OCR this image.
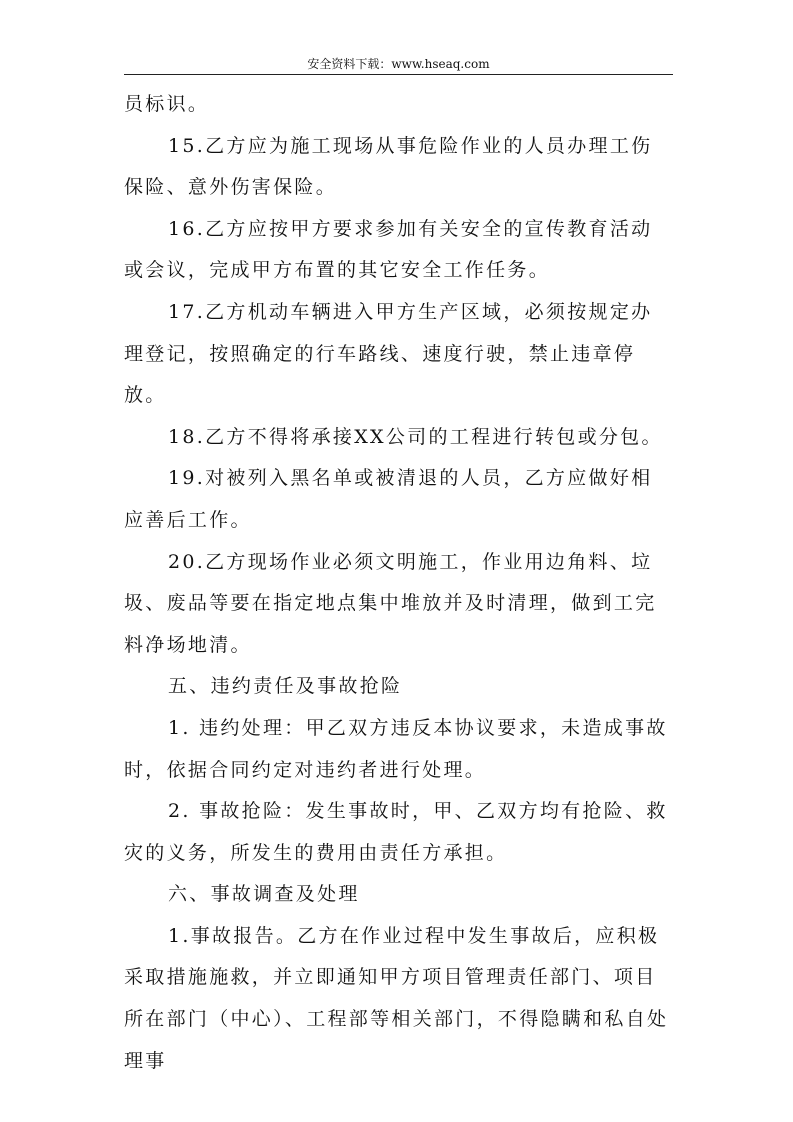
安全资料下载：www.hseaq.com

员标识。

15.乙方应为施工现场从事危险作业的人员办理工伤保险、意外伤害保险。

16.乙方应按甲方要求参加有关安全的宣传教育活动或会议，完成甲方布置的其它安全工作任务。

17.乙方机动车辆进入甲方生产区域，必须按规定办理登记，按照确定的行车路线、速度行驶，禁止违章停放。

18.乙方不得将承接XX公司的工程进行转包或分包。

19.对被列入黑名单或被清退的人员，乙方应做好相应善后工作。

20.乙方现场作业必须文明施工，作业用边角料、垃圾、废品等要在指定地点集中堆放并及时清理，做到工完料净场地清。

五、违约责任及事故抢险

1. 违约处理：甲乙双方违反本协议要求，未造成事故时，依据合同约定对违约者进行处理。

2. 事故抢险：发生事故时，甲、乙双方均有抢险、救灾的义务，所发生的费用由责任方承担。

六、事故调查及处理

1.事故报告。乙方在作业过程中发生事故后，应积极采取措施施救，并立即通知甲方项目管理责任部门、项目所在部门（中心）、工程部等相关部门，不得隐瞒和私自处理事
